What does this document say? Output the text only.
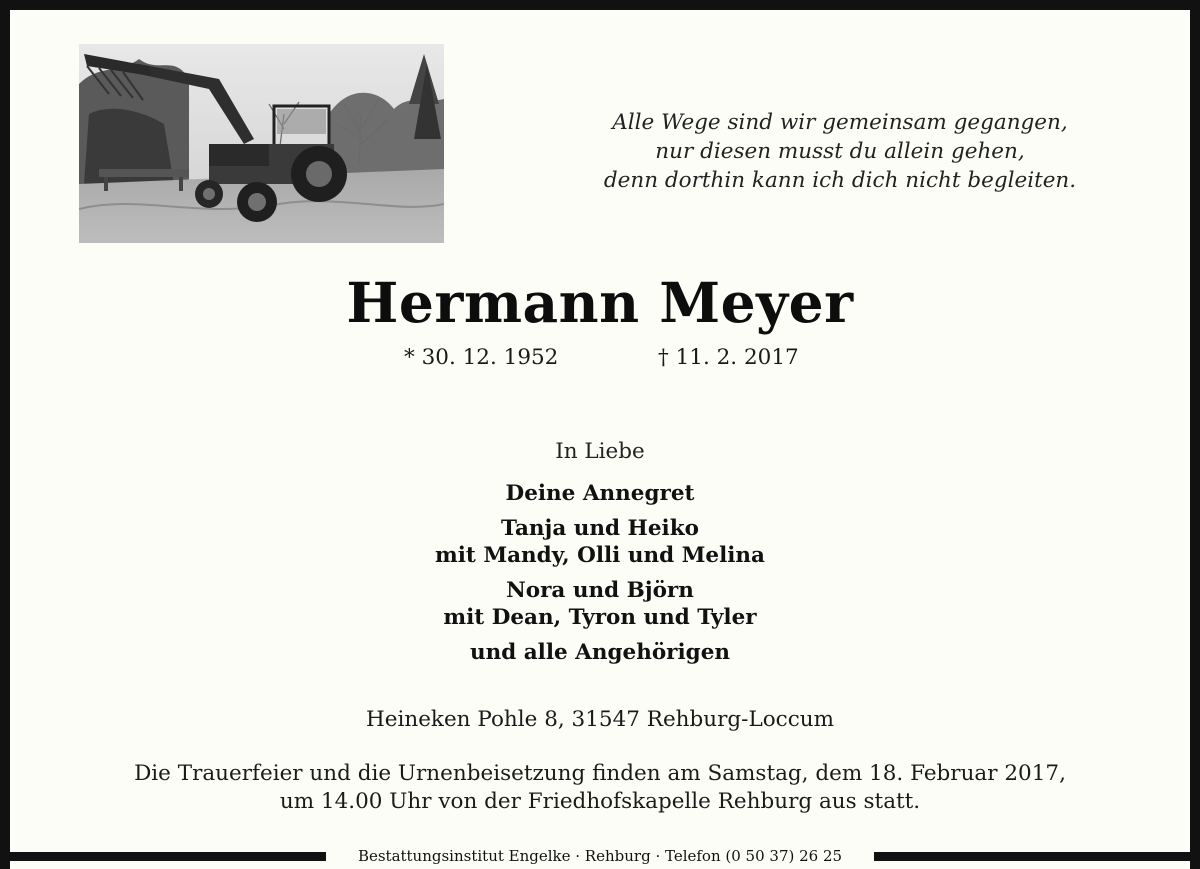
Alle Wege sind wir gemeinsam gegangen,
nur diesen musst du allein gehen,
denn dorthin kann ich dich nicht begleiten.
Hermann Meyer
* 30. 12. 1952	† 11. 2. 2017
In Liebe
Deine Annegret
Tanja und Heiko
mit Mandy, Olli und Melina
Nora und Björn
mit Dean, Tyron und Tyler
und alle Angehörigen
Heineken Pohle 8, 31547 Rehburg-Loccum
Die Trauerfeier und die Urnenbeisetzung finden am Samstag, dem 18. Februar 2017,
um 14.00 Uhr von der Friedhofskapelle Rehburg aus statt.
Bestattungsinstitut Engelke · Rehburg · Telefon (0 50 37) 26 25
